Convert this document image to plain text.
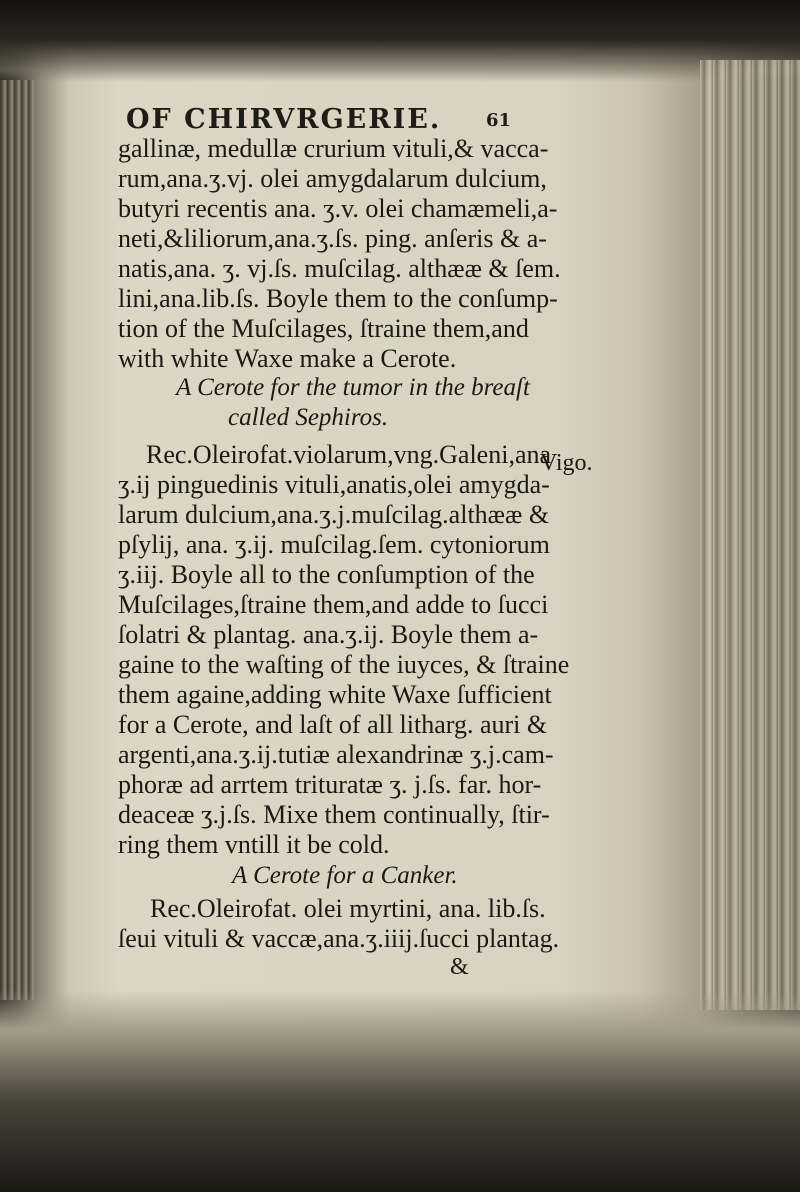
OF CHIRVRGERIE. 61
gallinæ, medullæ crurium vituli,& vacca-
rum,ana.ʒ.vj. olei amygdalarum dulcium,
butyri recentis ana. ʒ.v. olei chamæmeli,a-
neti,&liliorum,ana.ʒ.ſs. ping. anſeris & a-
natis,ana. ʒ. vj.ſs. muſcilag. althææ & ſem.
lini,ana.lib.ſs. Boyle them to the conſump-
tion of the Muſcilages, ſtraine them,and
with white Waxe make a Cerote.
A Cerote for the tumor in the breaſt
called Sephiros.
Rec.Oleirofat.violarum,vng.Galeni,ana
Vigo.
ʒ.ij pinguedinis vituli,anatis,olei amygda-
larum dulcium,ana.ʒ.j.muſcilag.althææ &
pſylij, ana. ʒ.ij. muſcilag.ſem. cytoniorum
ʒ.iij. Boyle all to the conſumption of the
Muſcilages,ſtraine them,and adde to ſucci
ſolatri & plantag. ana.ʒ.ij. Boyle them a-
gaine to the waſting of the iuyces, & ſtraine
them againe,adding white Waxe ſufficient
for a Cerote, and laſt of all litharg. auri &
argenti,ana.ʒ.ij.tutiæ alexandrinæ ʒ.j.cam-
phoræ ad arrtem trituratæ ʒ. j.ſs. far. hor-
deaceæ ʒ.j.ſs. Mixe them continually, ſtir-
ring them vntill it be cold.
A Cerote for a Canker.
Rec.Oleirofat. olei myrtini, ana. lib.ſs.
ſeui vituli & vaccæ,ana.ʒ.iiij.ſucci plantag.
&
